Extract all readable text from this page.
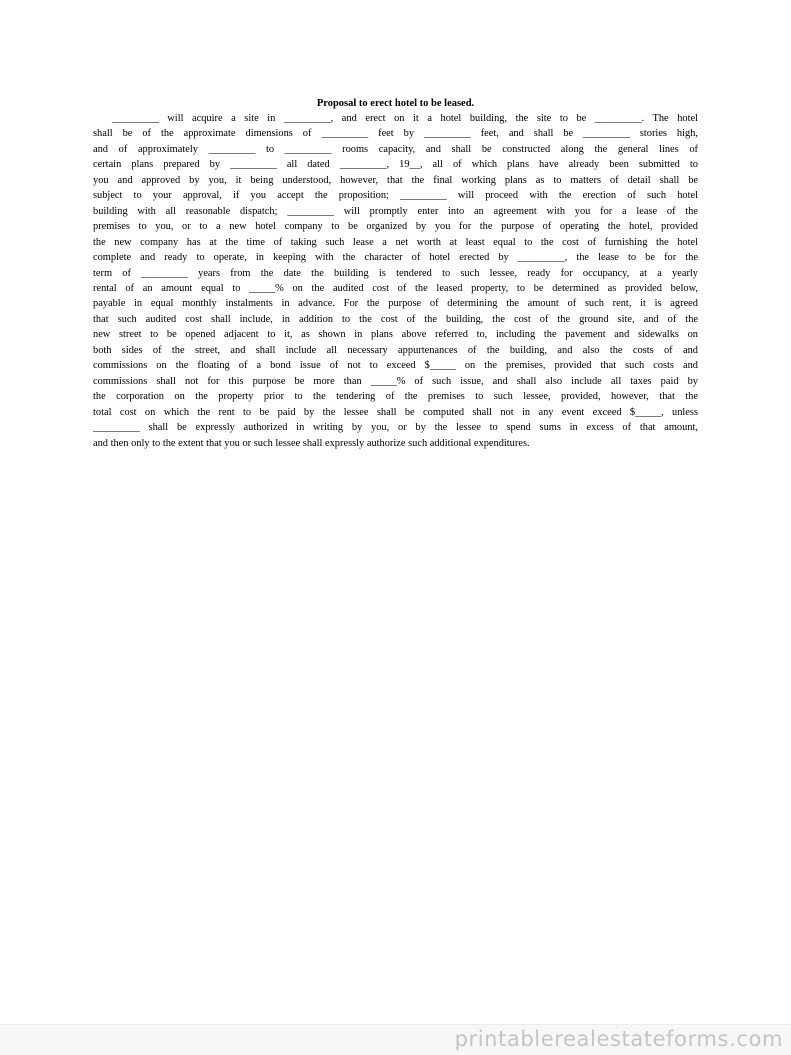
Proposal to erect hotel to be leased.
_________ will acquire a site in _________, and erect on it a hotel building, the site to be _________. The hotel
shall be of the approximate dimensions of _________ feet by _________ feet, and shall be _________ stories high,
and of approximately _________ to _________ rooms capacity, and shall be constructed along the general lines of
certain plans prepared by _________ all dated _________, 19__, all of which plans have already been submitted to
you and approved by you, it being understood, however, that the final working plans as to matters of detail shall be
subject to your approval, if you accept the proposition; _________ will proceed with the erection of such hotel
building with all reasonable dispatch; _________ will promptly enter into an agreement with you for a lease of the
premises to you, or to a new hotel company to be organized by you for the purpose of operating the hotel, provided
the new company has at the time of taking such lease a net worth at least equal to the cost of furnishing the hotel
complete and ready to operate, in keeping with the character of hotel erected by _________, the lease to be for the
term of _________ years from the date the building is tendered to such lessee, ready for occupancy, at a yearly
rental of an amount equal to _____% on the audited cost of the leased property, to be determined as provided below,
payable in equal monthly instalments in advance. For the purpose of determining the amount of such rent, it is agreed
that such audited cost shall include, in addition to the cost of the building, the cost of the ground site, and of the
new street to be opened adjacent to it, as shown in plans above referred to, including the pavement and sidewalks on
both sides of the street, and shall include all necessary appurtenances of the building, and also the costs of and
commissions on the floating of a bond issue of not to exceed $_____ on the premises, provided that such costs and
commissions shall not for this purpose be more than _____% of such issue, and shall also include all taxes paid by
the corporation on the property prior to the tendering of the premises to such lessee, provided, however, that the
total cost on which the rent to be paid by the lessee shall be computed shall not in any event exceed $_____, unless
_________ shall be expressly authorized in writing by you, or by the lessee to spend sums in excess of that amount,
and then only to the extent that you or such lessee shall expressly authorize such additional expenditures.
printablerealestateforms.com
